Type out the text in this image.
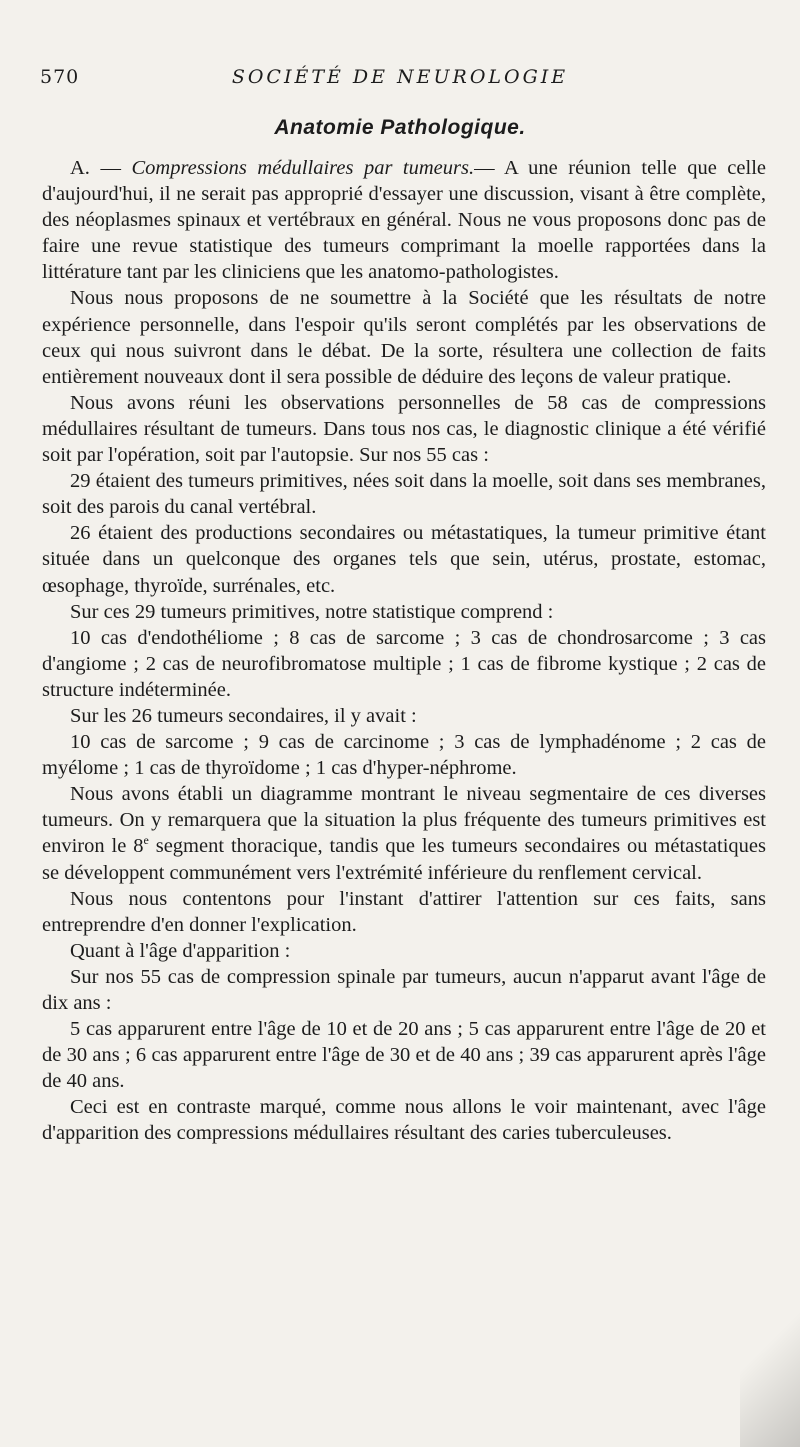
570	SOCIÉTÉ DE NEUROLOGIE
Anatomie Pathologique.

A. — Compressions médullaires par tumeurs.— A une réunion telle que celle d'aujourd'hui, il ne serait pas approprié d'essayer une discussion, visant à être complète, des néoplasmes spinaux et vertébraux en général. Nous ne vous proposons donc pas de faire une revue statistique des tumeurs comprimant la moelle rapportées dans la littérature tant par les cliniciens que les anatomo-pathologistes.

Nous nous proposons de ne soumettre à la Société que les résultats de notre expérience personnelle, dans l'espoir qu'ils seront complétés par les observations de ceux qui nous suivront dans le débat. De la sorte, résultera une collection de faits entièrement nouveaux dont il sera possible de déduire des leçons de valeur pratique.

Nous avons réuni les observations personnelles de 58 cas de compressions médullaires résultant de tumeurs. Dans tous nos cas, le diagnostic clinique a été vérifié soit par l'opération, soit par l'autopsie. Sur nos 55 cas :

29 étaient des tumeurs primitives, nées soit dans la moelle, soit dans ses membranes, soit des parois du canal vertébral.

26 étaient des productions secondaires ou métastatiques, la tumeur primitive étant située dans un quelconque des organes tels que sein, utérus, prostate, estomac, œsophage, thyroïde, surrénales, etc.

Sur ces 29 tumeurs primitives, notre statistique comprend :

10 cas d'endothéliome ; 8 cas de sarcome ; 3 cas de chondrosarcome ; 3 cas d'angiome ; 2 cas de neurofibromatose multiple ; 1 cas de fibrome kystique ; 2 cas de structure indéterminée.

Sur les 26 tumeurs secondaires, il y avait :

10 cas de sarcome ; 9 cas de carcinome ; 3 cas de lymphadénome ; 2 cas de myélome ; 1 cas de thyroïdome ; 1 cas d'hyper-néphrome.

Nous avons établi un diagramme montrant le niveau segmentaire de ces diverses tumeurs. On y remarquera que la situation la plus fréquente des tumeurs primitives est environ le 8e segment thoracique, tandis que les tumeurs secondaires ou métastatiques se développent communément vers l'extrémité inférieure du renflement cervical.

Nous nous contentons pour l'instant d'attirer l'attention sur ces faits, sans entreprendre d'en donner l'explication.

Quant à l'âge d'apparition :

Sur nos 55 cas de compression spinale par tumeurs, aucun n'apparut avant l'âge de dix ans :

5 cas apparurent entre l'âge de 10 et de 20 ans ; 5 cas apparurent entre l'âge de 20 et de 30 ans ; 6 cas apparurent entre l'âge de 30 et de 40 ans ; 39 cas apparurent après l'âge de 40 ans.

Ceci est en contraste marqué, comme nous allons le voir maintenant, avec l'âge d'apparition des compressions médullaires résultant des caries tuberculeuses.
